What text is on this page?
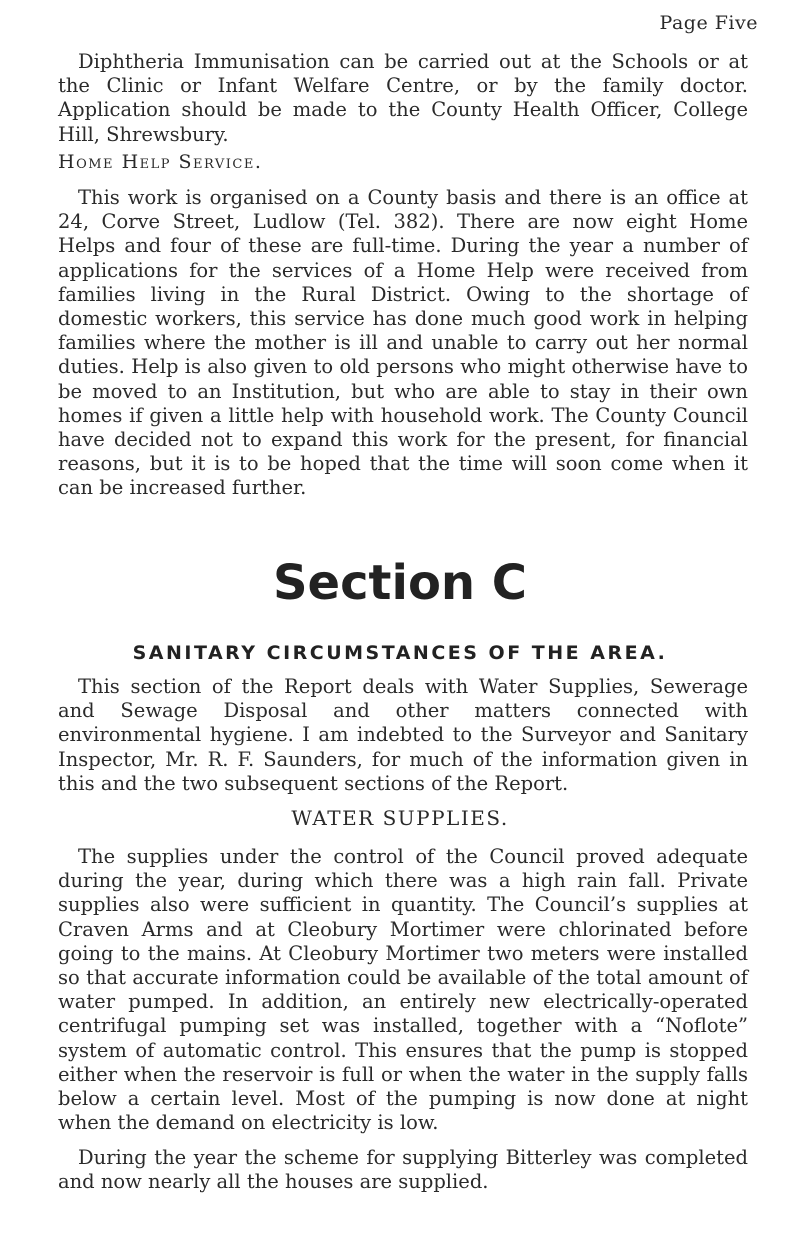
Page Five

Diphtheria Immunisation can be carried out at the Schools or at the Clinic or Infant Welfare Centre, or by the family doctor. Application should be made to the County Health Officer, College Hill, Shrewsbury.

Home Help Service.

This work is organised on a County basis and there is an office at 24, Corve Street, Ludlow (Tel. 382). There are now eight Home Helps and four of these are full-time. During the year a number of applications for the services of a Home Help were received from families living in the Rural District. Owing to the shortage of domestic workers, this service has done much good work in helping families where the mother is ill and unable to carry out her normal duties. Help is also given to old persons who might otherwise have to be moved to an Institution, but who are able to stay in their own homes if given a little help with household work. The County Council have decided not to expand this work for the present, for financial reasons, but it is to be hoped that the time will soon come when it can be increased further.

Section C
SANITARY CIRCUMSTANCES OF THE AREA.

This section of the Report deals with Water Supplies, Sewerage and Sewage Disposal and other matters connected with environmental hygiene. I am indebted to the Surveyor and Sanitary Inspector, Mr. R. F. Saunders, for much of the information given in this and the two subsequent sections of the Report.

WATER SUPPLIES.

The supplies under the control of the Council proved adequate during the year, during which there was a high rain fall. Private supplies also were sufficient in quantity. The Council’s supplies at Craven Arms and at Cleobury Mortimer were chlorinated before going to the mains. At Cleobury Mortimer two meters were installed so that accurate information could be available of the total amount of water pumped. In addition, an entirely new electrically-operated centrifugal pumping set was installed, together with a “Noflote” system of automatic control. This ensures that the pump is stopped either when the reservoir is full or when the water in the supply falls below a certain level. Most of the pumping is now done at night when the demand on electricity is low.

During the year the scheme for supplying Bitterley was completed and now nearly all the houses are supplied.
